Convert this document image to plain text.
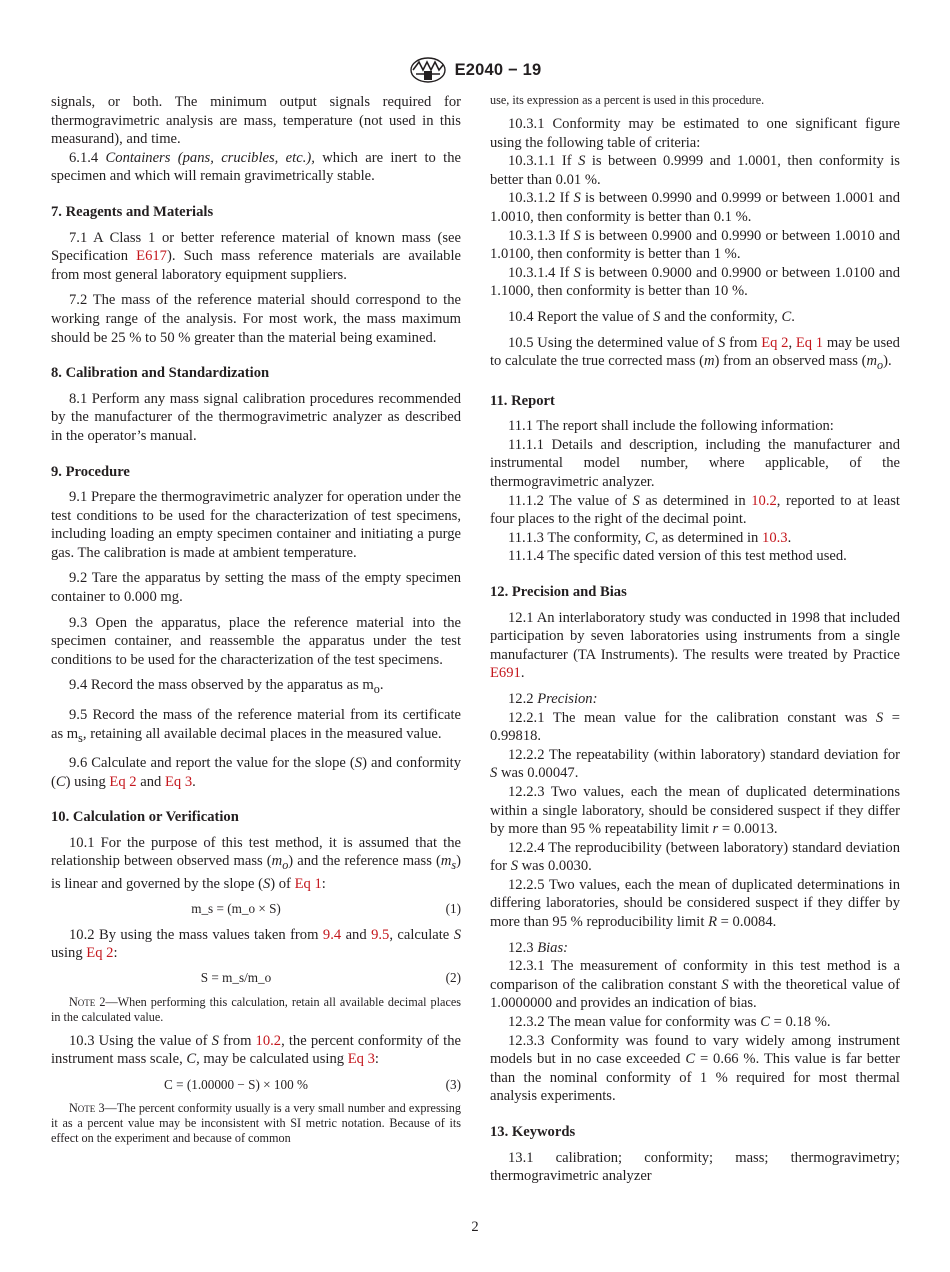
E2040 − 19

signals, or both. The minimum output signals required for thermogravimetric analysis are mass, temperature (not used in this measurand), and time.

6.1.4 Containers (pans, crucibles, etc.), which are inert to the specimen and which will remain gravimetrically stable.

7. Reagents and Materials

7.1 A Class 1 or better reference material of known mass (see Specification E617). Such mass reference materials are available from most general laboratory equipment suppliers.

7.2 The mass of the reference material should correspond to the working range of the analysis. For most work, the mass maximum should be 25 % to 50 % greater than the material being examined.

8. Calibration and Standardization

8.1 Perform any mass signal calibration procedures recommended by the manufacturer of the thermogravimetric analyzer as described in the operator’s manual.

9. Procedure

9.1 Prepare the thermogravimetric analyzer for operation under the test conditions to be used for the characterization of test specimens, including loading an empty specimen container and initiating a purge gas. The calibration is made at ambient temperature.

9.2 Tare the apparatus by setting the mass of the empty specimen container to 0.000 mg.

9.3 Open the apparatus, place the reference material into the specimen container, and reassemble the apparatus under the test conditions to be used for the characterization of the test specimens.

9.4 Record the mass observed by the apparatus as $m_o$.

9.5 Record the mass of the reference material from its certificate as $m_s$, retaining all available decimal places in the measured value.

9.6 Calculate and report the value for the slope (S) and conformity (C) using Eq 2 and Eq 3.

10. Calculation or Verification

10.1 For the purpose of this test method, it is assumed that the relationship between observed mass $(m_o)$ and the reference mass $(m_s)$ is linear and governed by the slope (S) of Eq 1:

m_s = (m_o × S)	(1)

10.2 By using the mass values taken from 9.4 and 9.5, calculate S using Eq 2:

S = m_s/m_o	(2)

Note 2—When performing this calculation, retain all available decimal places in the calculated value.

10.3 Using the value of S from 10.2, the percent conformity of the instrument mass scale, C, may be calculated using Eq 3:

C = (1.00000 − S) × 100 %	(3)

Note 3—The percent conformity usually is a very small number and expressing it as a percent value may be inconsistent with SI metric notation. Because of its effect on the experiment and because of common

use, its expression as a percent is used in this procedure.

10.3.1 Conformity may be estimated to one significant figure using the following table of criteria:

10.3.1.1 If S is between 0.9999 and 1.0001, then conformity is better than 0.01 %.

10.3.1.2 If S is between 0.9990 and 0.9999 or between 1.0001 and 1.0010, then conformity is better than 0.1 %.

10.3.1.3 If S is between 0.9900 and 0.9990 or between 1.0010 and 1.0100, then conformity is better than 1 %.

10.3.1.4 If S is between 0.9000 and 0.9900 or between 1.0100 and 1.1000, then conformity is better than 10 %.

10.4 Report the value of S and the conformity, C.

10.5 Using the determined value of S from Eq 2, Eq 1 may be used to calculate the true corrected mass (m) from an observed mass $(m_o)$.

11. Report

11.1 The report shall include the following information:

11.1.1 Details and description, including the manufacturer and instrumental model number, where applicable, of the thermogravimetric analyzer.

11.1.2 The value of S as determined in 10.2, reported to at least four places to the right of the decimal point.

11.1.3 The conformity, C, as determined in 10.3.

11.1.4 The specific dated version of this test method used.

12. Precision and Bias

12.1 An interlaboratory study was conducted in 1998 that included participation by seven laboratories using instruments from a single manufacturer (TA Instruments). The results were treated by Practice E691.

12.2 Precision:

12.2.1 The mean value for the calibration constant was S = 0.99818.

12.2.2 The repeatability (within laboratory) standard deviation for S was 0.00047.

12.2.3 Two values, each the mean of duplicated determinations within a single laboratory, should be considered suspect if they differ by more than 95 % repeatability limit r = 0.0013.

12.2.4 The reproducibility (between laboratory) standard deviation for S was 0.0030.

12.2.5 Two values, each the mean of duplicated determinations in differing laboratories, should be considered suspect if they differ by more than 95 % reproducibility limit R = 0.0084.

12.3 Bias:

12.3.1 The measurement of conformity in this test method is a comparison of the calibration constant S with the theoretical value of 1.0000000 and provides an indication of bias.

12.3.2 The mean value for conformity was C = 0.18 %.

12.3.3 Conformity was found to vary widely among instrument models but in no case exceeded C = 0.66 %. This value is far better than the nominal conformity of 1 % required for most thermal analysis experiments.

13. Keywords

13.1 calibration; conformity; mass; thermogravimetry; thermogravimetric analyzer

2
